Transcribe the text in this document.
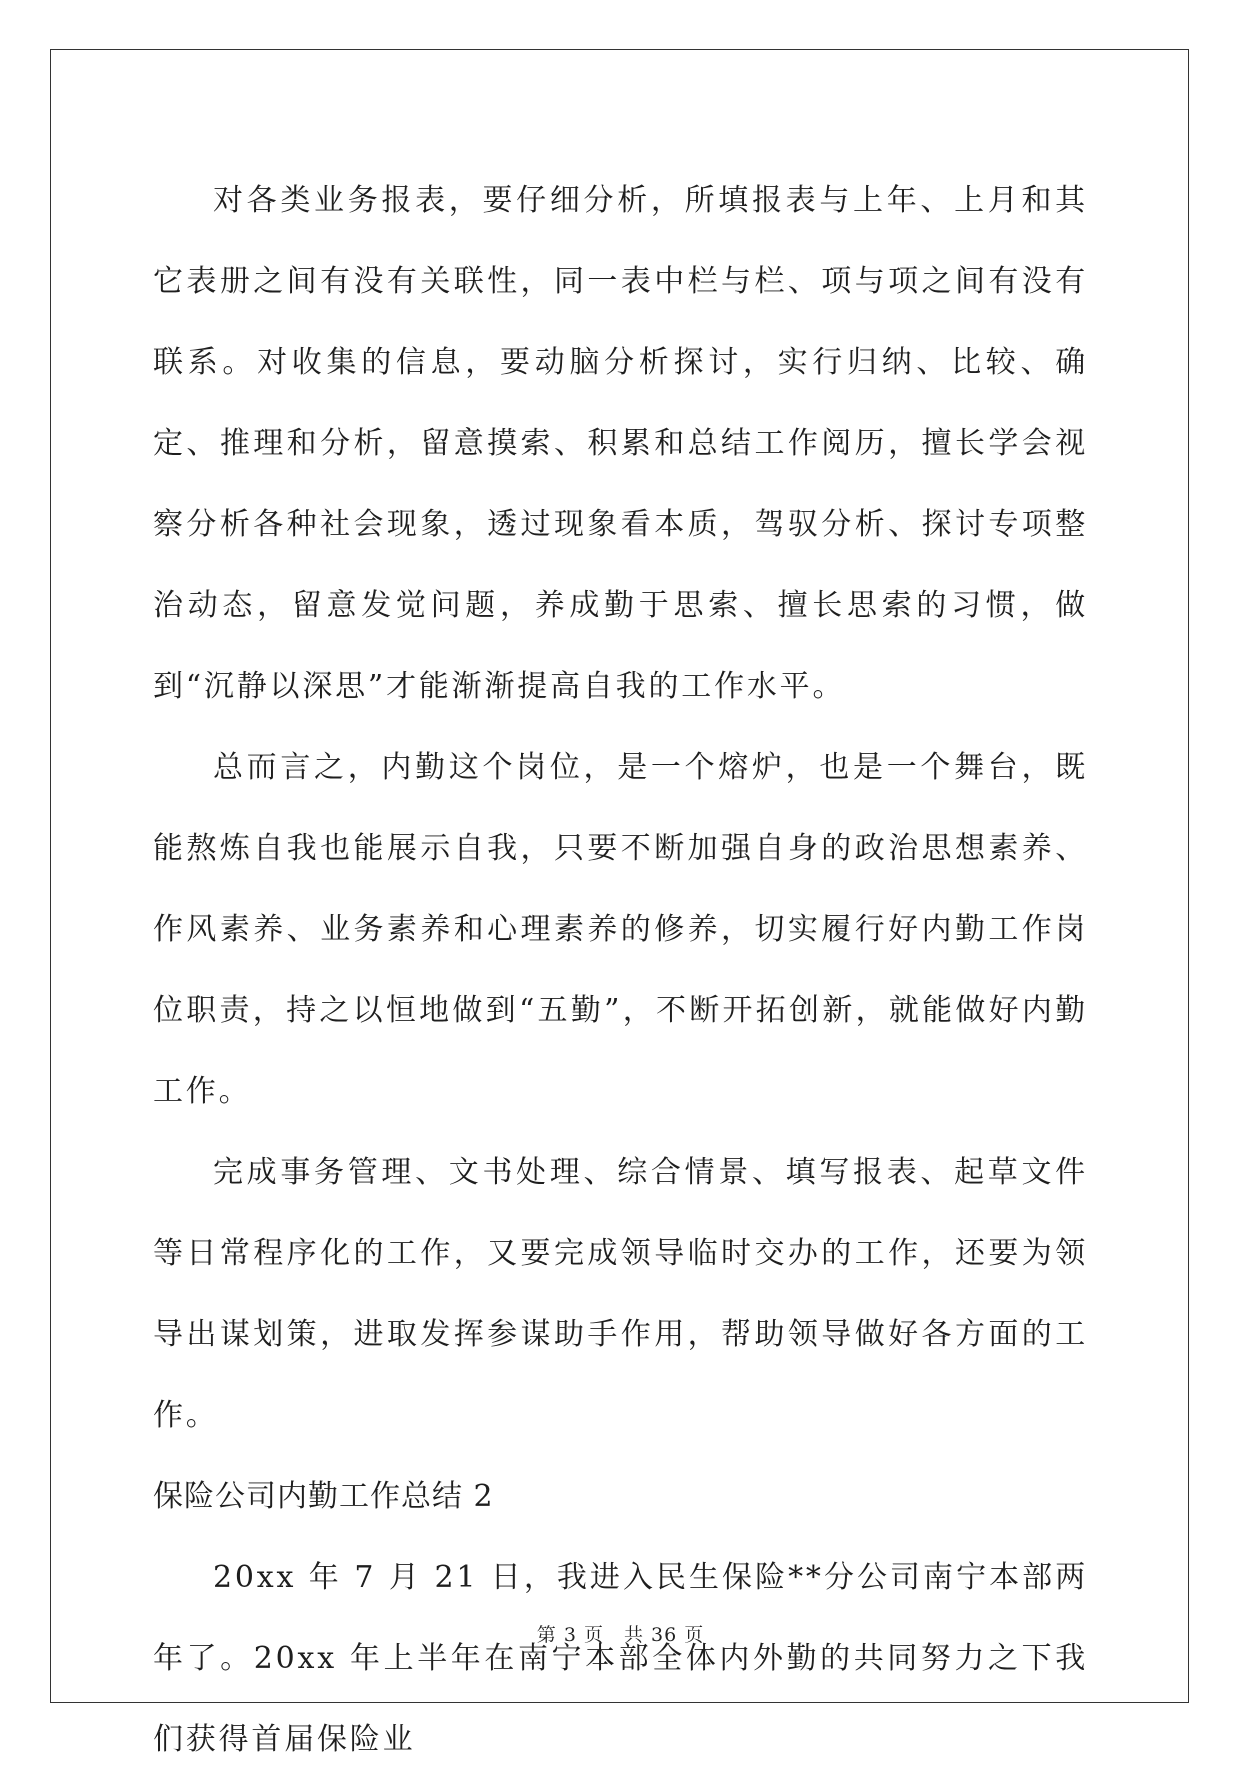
对各类业务报表，要仔细分析，所填报表与上年、上月和其它表册之间有没有关联性，同一表中栏与栏、项与项之间有没有联系。对收集的信息，要动脑分析探讨，实行归纳、比较、确定、推理和分析，留意摸索、积累和总结工作阅历，擅长学会视察分析各种社会现象，透过现象看本质，驾驭分析、探讨专项整治动态，留意发觉问题，养成勤于思索、擅长思索的习惯，做到“沉静以深思”才能渐渐提高自我的工作水平。

总而言之，内勤这个岗位，是一个熔炉，也是一个舞台，既能熬炼自我也能展示自我，只要不断加强自身的政治思想素养、作风素养、业务素养和心理素养的修养，切实履行好内勤工作岗位职责，持之以恒地做到“五勤”，不断开拓创新，就能做好内勤工作。

完成事务管理、文书处理、综合情景、填写报表、起草文件等日常程序化的工作，又要完成领导临时交办的工作，还要为领导出谋划策，进取发挥参谋助手作用，帮助领导做好各方面的工作。

保险公司内勤工作总结 2

20xx 年 7 月 21 日，我进入民生保险**分公司南宁本部两年了。20xx 年上半年在南宁本部全体内外勤的共同努力之下我们获得首届保险业

第 3 页 共 36 页
